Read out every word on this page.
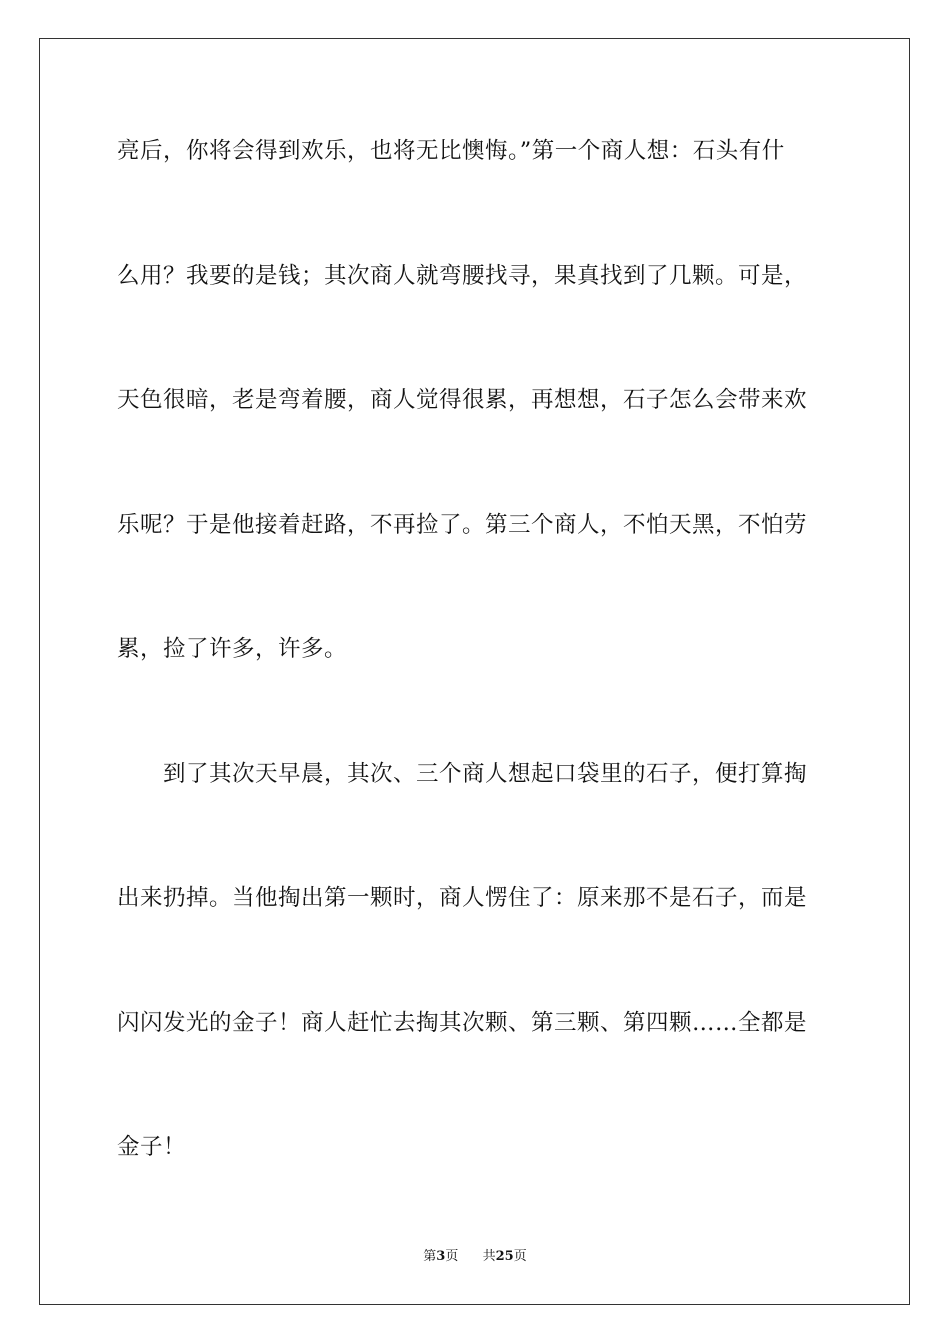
亮后，你将会得到欢乐，也将无比懊悔。”第一个商人想：石头有什
么用？我要的是钱；其次商人就弯腰找寻，果真找到了几颗。可是，
天色很暗，老是弯着腰，商人觉得很累，再想想，石子怎么会带来欢
乐呢？于是他接着赶路，不再捡了。第三个商人，不怕天黑，不怕劳
累，捡了许多，许多。
到了其次天早晨，其次、三个商人想起口袋里的石子，便打算掏
出来扔掉。当他掏出第一颗时，商人愣住了：原来那不是石子，而是
闪闪发光的金子！商人赶忙去掏其次颗、第三颗、第四颗……全都是
金子！
第3页 共25页
